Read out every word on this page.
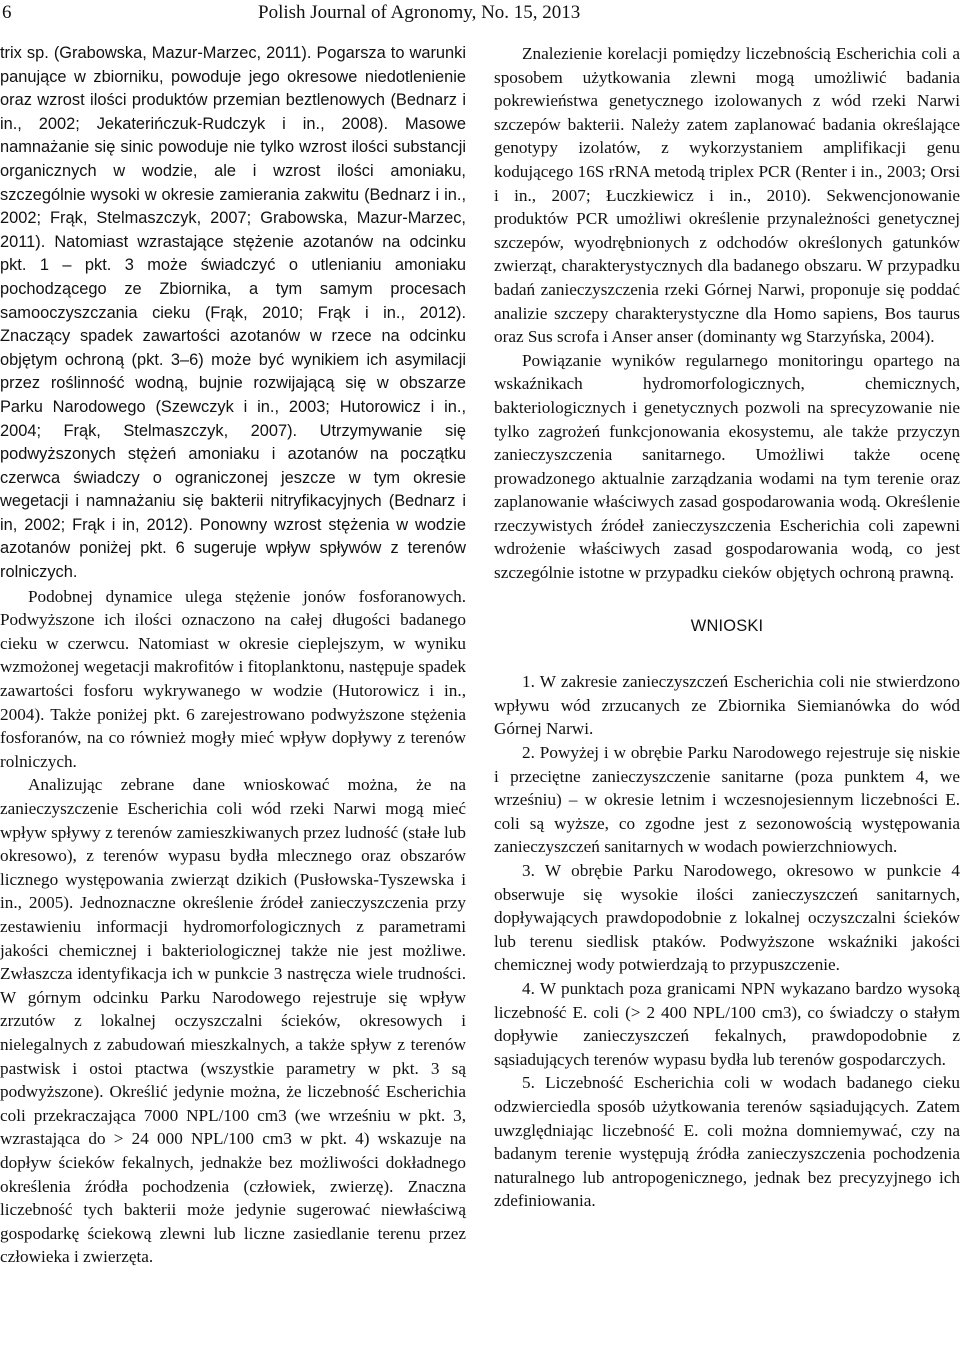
6	Polish Journal of Agronomy, No. 15, 2013

trix sp. (Grabowska, Mazur-Marzec, 2011). Pogarsza to warunki panujące w zbiorniku, powoduje jego okresowe niedotlenienie oraz wzrost ilości produktów przemian beztlenowych (Bednarz i in., 2002; Jekaterińczuk-Rudczyk i in., 2008). Masowe namnażanie się sinic powoduje nie tylko wzrost ilości substancji organicznych w wodzie, ale i wzrost ilości amoniaku, szczególnie wysoki w okresie zamierania zakwitu (Bednarz i in., 2002; Frąk, Stelmaszczyk, 2007; Grabowska, Mazur-Marzec, 2011). Natomiast wzrastające stężenie azotanów na odcinku pkt. 1 – pkt. 3 może świadczyć o utlenianiu amoniaku pochodzącego ze Zbiornika, a tym samym procesach samooczyszczania cieku (Frąk, 2010; Frąk i in., 2012). Znaczący spadek zawartości azotanów w rzece na odcinku objętym ochroną (pkt. 3–6) może być wynikiem ich asymilacji przez roślinność wodną, bujnie rozwijającą się w obszarze Parku Narodowego (Szewczyk i in., 2003; Hutorowicz i in., 2004; Frąk, Stelmaszczyk, 2007). Utrzymywanie się podwyższonych stężeń amoniaku i azotanów na początku czerwca świadczy o ograniczonej jeszcze w tym okresie wegetacji i namnażaniu się bakterii nitryfikacyjnych (Bednarz i in, 2002; Frąk i in, 2012). Ponowny wzrost stężenia w wodzie azotanów poniżej pkt. 6 sugeruje wpływ spływów z terenów rolniczych.

Podobnej dynamice ulega stężenie jonów fosforanowych. Podwyższone ich ilości oznaczono na całej długości badanego cieku w czerwcu. Natomiast w okresie cieplejszym, w wyniku wzmożonej wegetacji makrofitów i fitoplanktonu, następuje spadek zawartości fosforu wykrywanego w wodzie (Hutorowicz i in., 2004). Także poniżej pkt. 6 zarejestrowano podwyższone stężenia fosforanów, na co również mogły mieć wpływ dopływy z terenów rolniczych.

Analizując zebrane dane wnioskować można, że na zanieczyszczenie Escherichia coli wód rzeki Narwi mogą mieć wpływ spływy z terenów zamieszkiwanych przez ludność (stałe lub okresowo), z terenów wypasu bydła mlecznego oraz obszarów licznego występowania zwierząt dzikich (Pusłowska-Tyszewska i in., 2005). Jednoznaczne określenie źródeł zanieczyszczenia przy zestawieniu informacji hydromorfologicznych z parametrami jakości chemicznej i bakteriologicznej także nie jest możliwe. Zwłaszcza identyfikacja ich w punkcie 3 nastręcza wiele trudności. W górnym odcinku Parku Narodowego rejestruje się wpływ zrzutów z lokalnej oczyszczalni ścieków, okresowych i nielegalnych z zabudowań mieszkalnych, a także spływ z terenów pastwisk i ostoi ptactwa (wszystkie parametry w pkt. 3 są podwyższone). Określić jedynie można, że liczebność Escherichia coli przekraczająca 7000 NPL/100 cm3 (we wrześniu w pkt. 3, wzrastająca do > 24 000 NPL/100 cm3 w pkt. 4) wskazuje na dopływ ścieków fekalnych, jednakże bez możliwości dokładnego określenia źródła pochodzenia (człowiek, zwierzę). Znaczna liczebność tych bakterii może jedynie sugerować niewłaściwą gospodarkę ściekową zlewni lub liczne zasiedlanie terenu przez człowieka i zwierzęta.

Znalezienie korelacji pomiędzy liczebnością Escherichia coli a sposobem użytkowania zlewni mogą umożliwić badania pokrewieństwa genetycznego izolowanych z wód rzeki Narwi szczepów bakterii. Należy zatem zaplanować badania określające genotypy izolatów, z wykorzystaniem amplifikacji genu kodującego 16S rRNA metodą triplex PCR (Renter i in., 2003; Orsi i in., 2007; Łuczkiewicz i in., 2010). Sekwencjonowanie produktów PCR umożliwi określenie przynależności genetycznej szczepów, wyodrębnionych z odchodów określonych gatunków zwierząt, charakterystycznych dla badanego obszaru. W przypadku badań zanieczyszczenia rzeki Górnej Narwi, proponuje się poddać analizie szczepy charakterystyczne dla Homo sapiens, Bos taurus oraz Sus scrofa i Anser anser (dominanty wg Starzyńska, 2004).

Powiązanie wyników regularnego monitoringu opartego na wskaźnikach hydromorfologicznych, chemicznych, bakteriologicznych i genetycznych pozwoli na sprecyzowanie nie tylko zagrożeń funkcjonowania ekosystemu, ale także przyczyn zanieczyszczenia sanitarnego. Umożliwi także ocenę prowadzonego aktualnie zarządzania wodami na tym terenie oraz zaplanowanie właściwych zasad gospodarowania wodą. Określenie rzeczywistych źródeł zanieczyszczenia Escherichia coli zapewni wdrożenie właściwych zasad gospodarowania wodą, co jest szczególnie istotne w przypadku cieków objętych ochroną prawną.

WNIOSKI

1. W zakresie zanieczyszczeń Escherichia coli nie stwierdzono wpływu wód zrzucanych ze Zbiornika Siemianówka do wód Górnej Narwi.

2. Powyżej i w obrębie Parku Narodowego rejestruje się niskie i przeciętne zanieczyszczenie sanitarne (poza punktem 4, we wrześniu) – w okresie letnim i wczesnojesiennym liczebności E. coli są wyższe, co zgodne jest z sezonowością występowania zanieczyszczeń sanitarnych w wodach powierzchniowych.

3. W obrębie Parku Narodowego, okresowo w punkcie 4 obserwuje się wysokie ilości zanieczyszczeń sanitarnych, dopływających prawdopodobnie z lokalnej oczyszczalni ścieków lub terenu siedlisk ptaków. Podwyższone wskaźniki jakości chemicznej wody potwierdzają to przypuszczenie.

4. W punktach poza granicami NPN wykazano bardzo wysoką liczebność E. coli (> 2 400 NPL/100 cm3), co świadczy o stałym dopływie zanieczyszczeń fekalnych, prawdopodobnie z sąsiadujących terenów wypasu bydła lub terenów gospodarczych.

5. Liczebność Escherichia coli w wodach badanego cieku odzwierciedla sposób użytkowania terenów sąsiadujących. Zatem uwzględniając liczebność E. coli można domniemywać, czy na badanym terenie występują źródła zanieczyszczenia pochodzenia naturalnego lub antropogenicznego, jednak bez precyzyjnego ich zdefiniowania.
